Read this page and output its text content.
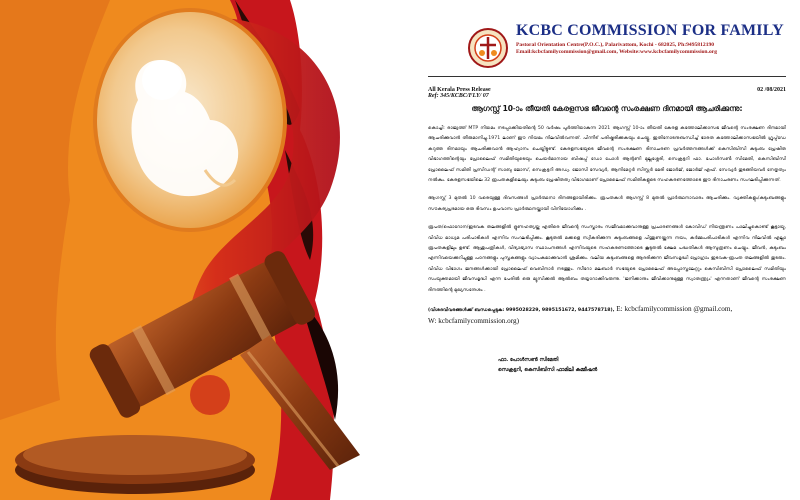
KCBC COMMISSION FOR FAMILY
Pastoral Orientation Centre(P.O.C.), Palarivattom, Kochi - 682025, Ph:9495812190
Email:kcbcfamilycommission@gmail.com, Website:www.kcbcfamilycommission.org
All Kerala Press Release
Ref: 345/KCBC/FLY/ 07
02 /08/2021
ആഗസ്റ്റ് 10-ാം തീയതി കേരളസഭ ജീവന്റെ സംരക്ഷണ ദിനമായി ആചരിക്കുന്നു:

കൊച്ചി: രാജ്യത്ത് MTP നിയമം നടപ്പാക്കിയതിന്റെ 50 വർഷം പൂർത്തിയാകുന്ന 2021 ആഗസ്റ്റ് 10-ാം തീയതി കേരള കത്തോലിക്കാസഭ ജീവന്റെ സംരക്ഷണ ദിനമായി ആചരിക്കുവാൻ തീരുമാനിച്ചു.1971 ലാണ് ഈ നിയമം നിലവിൽവന്നത്. പിന്നീട് പരിഷ്കരിക്കുകയും ചെയ്തു. ഇതിനോടനുബന്ധിച്ച് ഭാരത കത്തോലിക്കാസഭയിൽ ഗ്രൂപ്പ്‌ഡേ കറുത്ത ദിനമായും ആചരിക്കുവാൻ ആഹ്വാനം ചെയ്തിട്ടുണ്ട്. കേരളസഭയുടെ ജീവന്റെ സംരക്ഷണ ദിനാചരണ പ്രവർത്തനങ്ങൾക്ക് കെസിബിസി കുടുംബ പ്രേഷിത വിഭാഗത്തിന്റെയും പ്രോലൈഫ് സമിതിയുടെയും ചെയർമാനായ ബിഷപ്പ് ഡോ പോൾ ആന്റണി മുല്ലശ്ശേരി, സെക്രട്ടറി ഫാ. പോൾസൺ സിമേതി, കെസിബിസി പ്രോലൈഫ് സമിതി പ്രസിഡന്റ് സാബു ജോസ്, സെക്രട്ടറി അഡ്വ. ജോസി സേവ്യർ, ആനിമേറ്റർ സിസ്റ്റർ മേരി ജോർജ്, ജോർജ് എഫ്. സേവ്യർ തുടങ്ങിയവർ നേതൃത്വം നൽകും. കേരളസഭയിലെ 32 രൂപതകളിലെയും കുടുംബ പ്രേഷിതത്വ വിഭാഗമാണ് പ്രോലൈഫ് സമിതികളുടെ സഹകരണത്തോടെ ഈ ദിനാചരണം സംഘടിപ്പിക്കുന്നത്.

ആഗസ്റ്റ് 3 മുതൽ 10 വരെയുള്ള ദിവസങ്ങൾ പ്രാർത്ഥനാ ദിനങ്ങളായിരിക്കും. രൂപതകൾ ആഗസ്റ്റ് 8 മുതൽ പ്രാർത്ഥനാവാരം ആചരിക്കും. വ്യക്തികളും/കുടുംബങ്ങളും സൗകര്യപ്രദമായ ഒരു ദിവസം ഉപവാസ പ്രാർത്ഥനയ്ക്കായി വിനിയോഗിക്കും .

രൂപത/ഫൊറോന/ഇടവക തലങ്ങളിൽ ഭ്രൂണഹത്യയ്ക്കു എതിരെ ജീവന്റെ സംസ്കാരം സജീവമാക്കുവാനുള്ള പ്രചാരണങ്ങൾ കോവിഡ് നിയന്ത്രണം പാലിച്ചുകൊണ്ട് കൂട്ടായ്മ, വിവിധ മാധ്യമ പരിപാടികൾ എന്നിവ സംഘടിപ്പിക്കും. കൂടുതൽ മക്കളെ സ്വീകരിക്കുന്ന കുടുംബങ്ങളെ പിന്തുണയ്ക്കുന്ന നയം, കർമ്മപരിപാടികൾ എന്നിവ നിലവിൽ എല്ലാ രൂപതകളിലും ഉണ്ട്. ആശുപത്രികൾ, വിദ്യാഭ്യാസ സ്ഥാപനങ്ങൾ എന്നിവയുടെ സഹകരണത്തോടെ കൂടുതൽ ക്ഷേമ പദ്ധതികൾ ആസൂത്രണം ചെയ്യും. ജീവൻ, കുടുംബം എന്നിവയെക്കുറിച്ചുള്ള പഠനങ്ങളും പുസ്തകങ്ങളും വ്യാപകമാക്കുവാൻ ശ്രമിക്കും. വലിയ കുടുംബങ്ങളെ ആദരിക്കുന്ന ജീവസമൃദ്ധി പ്രോഗ്രാം ഇടവക-രൂപത തലങ്ങളിൽ തുടരും. വിവിധ വിഭാഗം ജനങ്ങൾക്കായി പ്രോലൈഫ് വെബിനാർ നടത്തും. സീറോ മലബാർ സഭയുടെ പ്രോലൈഫ് അപ്പോസ്തലേറ്റും കെസിബിസി പ്രോലൈഫ് സമിതിയും സംയുക്തമായി ജീവസമൃദ്ധി എന്ന പേരിൽ ഒരു മ്യൂസിക്കൽ ആൽബം തയ്യാറാക്കിവരുന്നു. 'ജനിക്കാനും ജീവിക്കാനുമുള്ള സ്വാതന്ത്ര്യം' എന്നതാണ് ജീവന്റെ സംരക്ഷണ ദിനത്തിന്റെ മുഖ്യസന്ദേശം .

(വിശദവിവരങ്ങൾക്ക് ബന്ധപ്പെടുക: 9995028229, 9895151672, 9447578718), E: kcbcfamilycommission @gmail.com,
W: kcbcfamilycommission.org)
ഫാ. പോൾസൺ സിമേതി
സെക്രട്ടറി, കെസിബിസി ഫാമിലി കമ്മീഷൻ
